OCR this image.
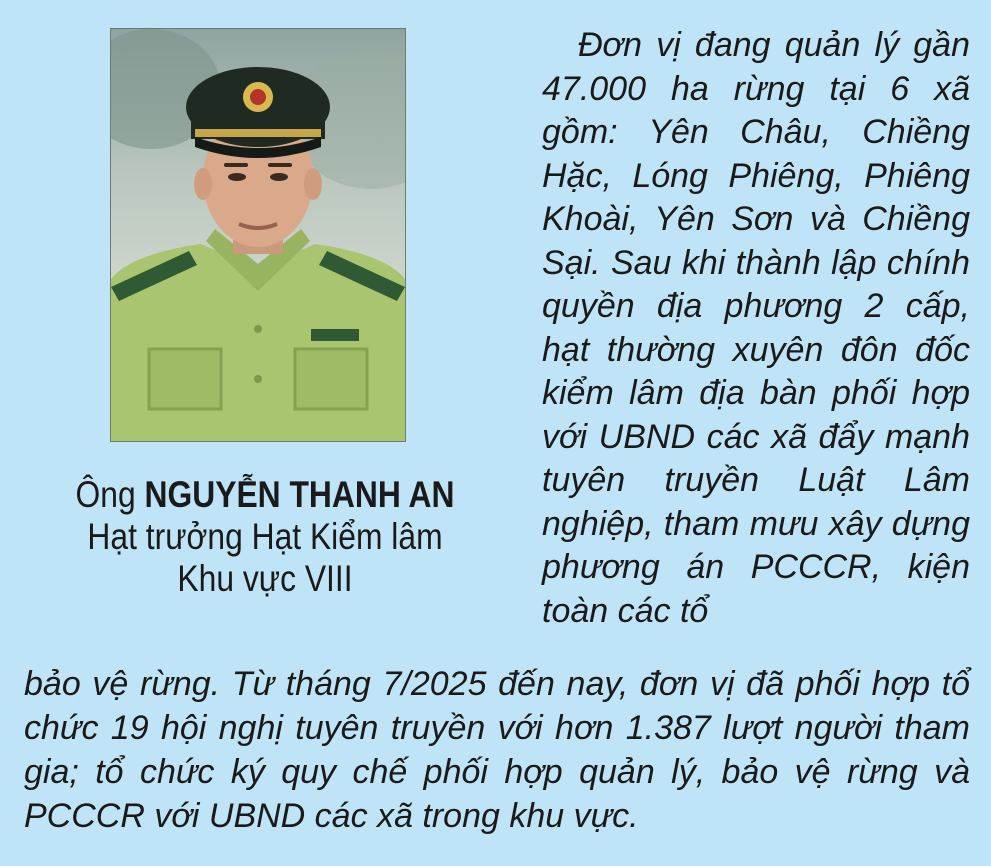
Ông NGUYỄN THANH AN
Hạt trưởng Hạt Kiểm lâm
Khu vực VIII

Đơn vị đang quản lý gần 47.000 ha rừng tại 6 xã gồm: Yên Châu, Chiềng Hặc, Lóng Phiêng, Phiêng Khoài, Yên Sơn và Chiềng Sại. Sau khi thành lập chính quyền địa phương 2 cấp, hạt thường xuyên đôn đốc kiểm lâm địa bàn phối hợp với UBND các xã đẩy mạnh tuyên truyền Luật Lâm nghiệp, tham mưu xây dựng phương án PCCCR, kiện toàn các tổ

bảo vệ rừng. Từ tháng 7/2025 đến nay, đơn vị đã phối hợp tổ chức 19 hội nghị tuyên truyền với hơn 1.387 lượt người tham gia; tổ chức ký quy chế phối hợp quản lý, bảo vệ rừng và PCCCR với UBND các xã trong khu vực.
